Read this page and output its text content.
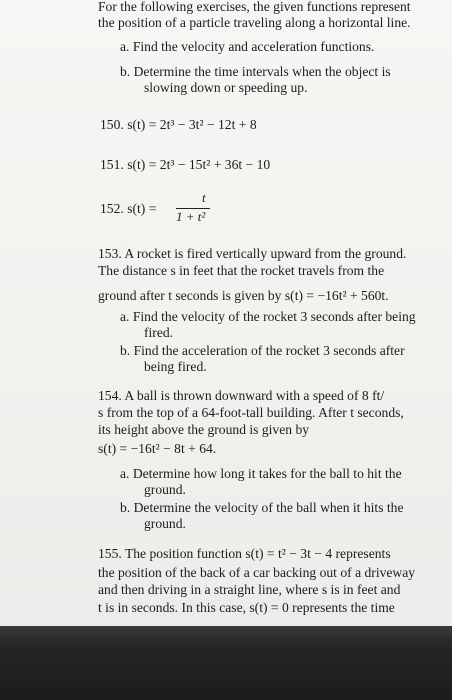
For the following exercises, the given functions represent
the position of a particle traveling along a horizontal line.
a. Find the velocity and acceleration functions.
b. Determine the time intervals when the object is
slowing down or speeding up.
150. s(t) = 2t³ − 3t² − 12t + 8
151. s(t) = 2t³ − 15t² + 36t − 10
152. s(t) =
t
1 + t²
153. A rocket is fired vertically upward from the ground.
The distance s in feet that the rocket travels from the
ground after t seconds is given by s(t) = −16t² + 560t.
a. Find the velocity of the rocket 3 seconds after being
fired.
b. Find the acceleration of the rocket 3 seconds after
being fired.
154. A ball is thrown downward with a speed of 8 ft/
s from the top of a 64-foot-tall building. After t seconds,
its height above the ground is given by
s(t) = −16t² − 8t + 64.
a. Determine how long it takes for the ball to hit the
ground.
b. Determine the velocity of the ball when it hits the
ground.
155. The position function s(t) = t² − 3t − 4 represents
the position of the back of a car backing out of a driveway
and then driving in a straight line, where s is in feet and
t is in seconds. In this case, s(t) = 0 represents the time
